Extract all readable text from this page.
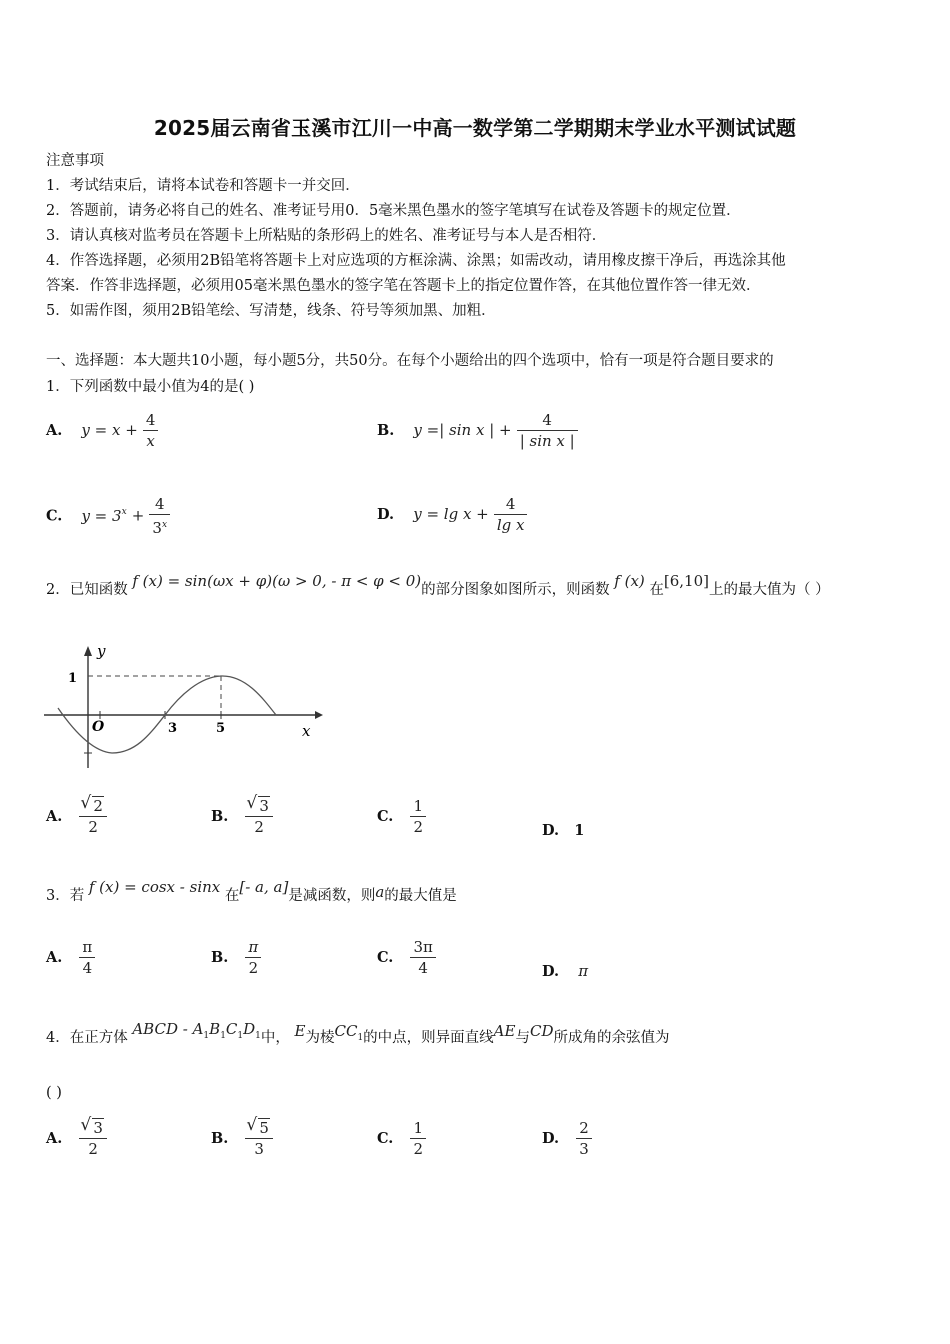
2025届云南省玉溪市江川一中高一数学第二学期期末学业水平测试试题
注意事项
1．考试结束后，请将本试卷和答题卡一并交回．
2．答题前，请务必将自己的姓名、准考证号用0．5毫米黑色墨水的签字笔填写在试卷及答题卡的规定位置．
3．请认真核对监考员在答题卡上所粘贴的条形码上的姓名、准考证号与本人是否相符．
4．作答选择题，必须用2B铅笔将答题卡上对应选项的方框涂满、涂黑；如需改动，请用橡皮擦干净后，再选涂其他
答案．作答非选择题，必须用05毫米黑色墨水的签字笔在答题卡上的指定位置作答，在其他位置作答一律无效．
5．如需作图，须用2B铅笔绘、写清楚，线条、符号等须加黑、加粗．
一、选择题：本大题共10小题，每小题5分，共50分。在每个小题给出的四个选项中，恰有一项是符合题目要求的
1．下列函数中最小值为4的是( )
A. $y = x + \frac{4}{x}$	B. y =| sin x | + $\frac{4}{\text{| sin x |}}$
C. $y = 3^x + \frac{4}{3^x}$	D. $y = \lg x + \frac{4}{\text{lg x}}$
2．已知函数 f (x) = sin(ωx + φ)(ω > 0, - π < φ < 0)的部分图象如图所示，则函数 f (x) 在[6,10]上的最大值为（ ）
y
x
1
O	3	5
A. √ $\frac{2}{2}$	B. √ $\frac{3}{2}$	C. $\frac{1}{2}$	D. 1
3．若 f (x) = cosx - sinx 在[- a, a]是减函数，则a的最大值是
A. $\frac{\pi}{4}$	B. $\frac{\pi}{2}$	C. $\frac{3\pi}{4}$	D. π
4．在正方体 ABCD - $A_1B_1C_1D_1$中， E为棱$CC_1$的中点，则异面直线AE与CD所成角的余弦值为
( )
A. √ $\frac{3}{2}$	B. √ $\frac{5}{3}$	C. $\frac{1}{2}$	D. $\frac{2}{3}$
